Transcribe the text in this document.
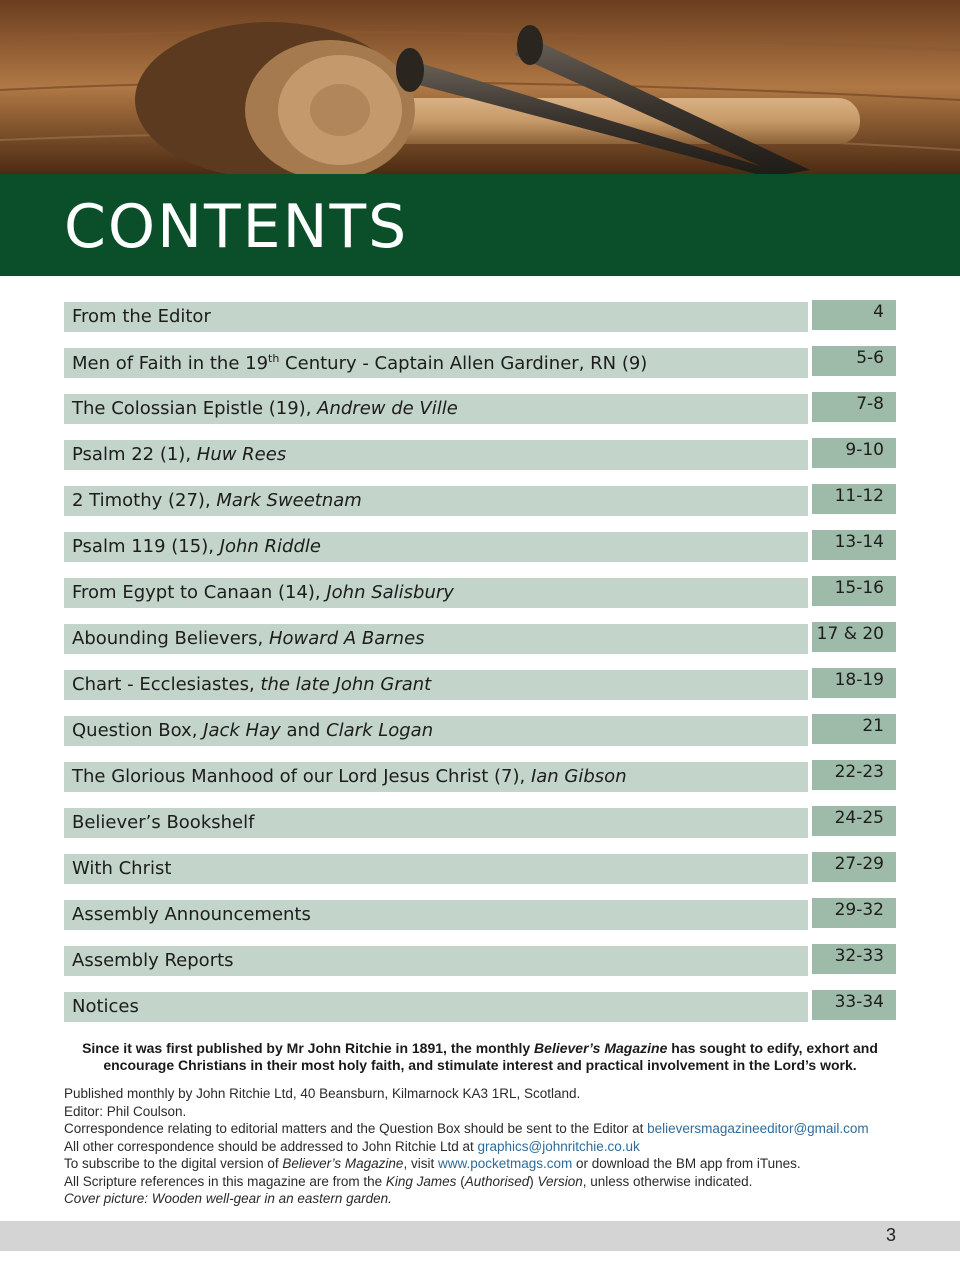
CONTENTS
From the Editor	4
Men of Faith in the 19th Century - Captain Allen Gardiner, RN (9)	5-6
The Colossian Epistle (19), Andrew de Ville	7-8
Psalm 22 (1), Huw Rees	9-10
2 Timothy (27), Mark Sweetnam	11-12
Psalm 119 (15), John Riddle	13-14
From Egypt to Canaan (14), John Salisbury	15-16
Abounding Believers, Howard A Barnes	17 & 20
Chart - Ecclesiastes, the late John Grant	18-19
Question Box, Jack Hay and Clark Logan	21
The Glorious Manhood of our Lord Jesus Christ (7), Ian Gibson	22-23
Believer’s Bookshelf	24-25
With Christ	27-29
Assembly Announcements	29-32
Assembly Reports	32-33
Notices	33-34
Since it was first published by Mr John Ritchie in 1891, the monthly Believer’s Magazine has sought to edify, exhort and
encourage Christians in their most holy faith, and stimulate interest and practical involvement in the Lord’s work.
Published monthly by John Ritchie Ltd, 40 Beansburn, Kilmarnock KA3 1RL, Scotland.
Editor: Phil Coulson.
Correspondence relating to editorial matters and the Question Box should be sent to the Editor at believersmagazineeditor@gmail.com
All other correspondence should be addressed to John Ritchie Ltd at graphics@johnritchie.co.uk
To subscribe to the digital version of Believer’s Magazine, visit www.pocketmags.com or download the BM app from iTunes.
All Scripture references in this magazine are from the King James (Authorised) Version, unless otherwise indicated.
Cover picture: Wooden well-gear in an eastern garden.
3
